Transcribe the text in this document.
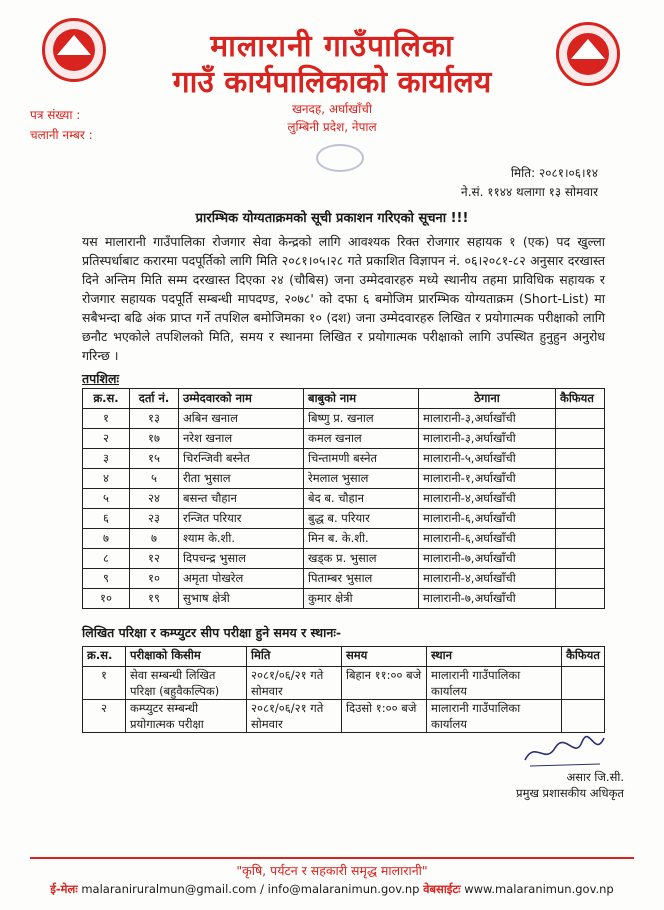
मालारानी गाउँपालिका
गाउँ कार्यपालिकाको कार्यालय
खनदह, अर्घाखाँची
लुम्बिनी प्रदेश, नेपाल
पत्र संख्या :
चलानी नम्बर :
मिति: २०८१।०६।१४
ने.सं. ११४४ थलागा १३ सोमवार
प्रारम्भिक योग्यताक्रमको सूची प्रकाशन गरिएको सूचना !!!
यस मालारानी गाउँपालिका रोजगार सेवा केन्द्रको लागि आवश्यक रिक्त रोजगार सहायक १ (एक) पद खुल्ला प्रतिस्पर्धाबाट करारमा पदपूर्तिको लागि मिति २०८१।०५।२८ गते प्रकाशित विज्ञापन नं. ०६।२०८१-८२ अनुसार दरखास्त दिने अन्तिम मिति सम्म दरखास्त दिएका २४ (चौबिस) जना उम्मेदवारहरु मध्ये स्थानीय तहमा प्राविधिक सहायक र रोजगार सहायक पदपूर्ति सम्बन्धी मापदण्ड, २०७८' को दफा ६ बमोजिम प्रारम्भिक योग्यताक्रम (Short-List) मा सबैभन्दा बढि अंक प्राप्त गर्ने तपशिल बमोजिमका १० (दश) जना उम्मेदवारहरु लिखित र प्रयोगात्मक परीक्षाको लागि छनौट भएकोले तपशिलको मिति, समय र स्थानमा लिखित र प्रयोगात्मक परीक्षाको लागि उपस्थित हुनुहुन अनुरोध गरिन्छ ।
तपशिलः
क्र.स.	दर्ता नं.	उम्मेदवारको नाम	बाबुको नाम	ठेगाना	कैफियत
१	१३	अबिन खनाल	बिष्णु प्र. खनाल	मालारानी-३,अर्घाखाँची	
२	१७	नरेश खनाल	कमल खनाल	मालारानी-३,अर्घाखाँची	
३	१५	चिरन्जिवी बस्नेत	चिन्तामणी बस्नेत	मालारानी-५,अर्घाखाँची	
४	५	रीता भुसाल	रेमलाल भुसाल	मालारानी-१,अर्घाखाँची	
५	२४	बसन्त चौहान	बेद ब. चौहान	मालारानी-४,अर्घाखाँची	
६	२३	रन्जित परियार	बुद्ध ब. परियार	मालारानी-६,अर्घाखाँची	
७	७	श्याम के.शी.	मिन ब. के.शी.	मालारानी-६,अर्घाखाँची	
८	१२	दिपचन्द्र भुसाल	खड्क प्र. भुसाल	मालारानी-७,अर्घाखाँची	
९	१०	अमृता पोखरेल	पिताम्बर भुसाल	मालारानी-४,अर्घाखाँची	
१०	१९	सुभाष क्षेत्री	कुमार क्षेत्री	मालारानी-७,अर्घाखाँची	
लिखित परिक्षा र कम्प्युटर सीप परीक्षा हुने समय र स्थानः-
क्र.स.	परीक्षाको किसीम	मिति	समय	स्थान	कैफियत
१	सेवा सम्बन्धी लिखित परिक्षा (बहुवैकल्पिक)	२०८१/०६/२१ गते सोमवार	बिहान ११:०० बजे	मालारानी गाउँपालिका कार्यालय	
२	कम्प्युटर सम्बन्धी प्रयोगात्मक परीक्षा	२०८१/०६/२१ गते सोमवार	दिउसो १:०० बजे	मालारानी गाउँपालिका कार्यालय	
असार जि.सी.
प्रमुख प्रशासकीय अधिकृत
"कृषि, पर्यटन र सहकारी समृद्ध मालारानी"
ई-मेलः malaraniruralmun@gmail.com / info@malaranimun.gov.np वेबसाईटः www.malaranimun.gov.np
